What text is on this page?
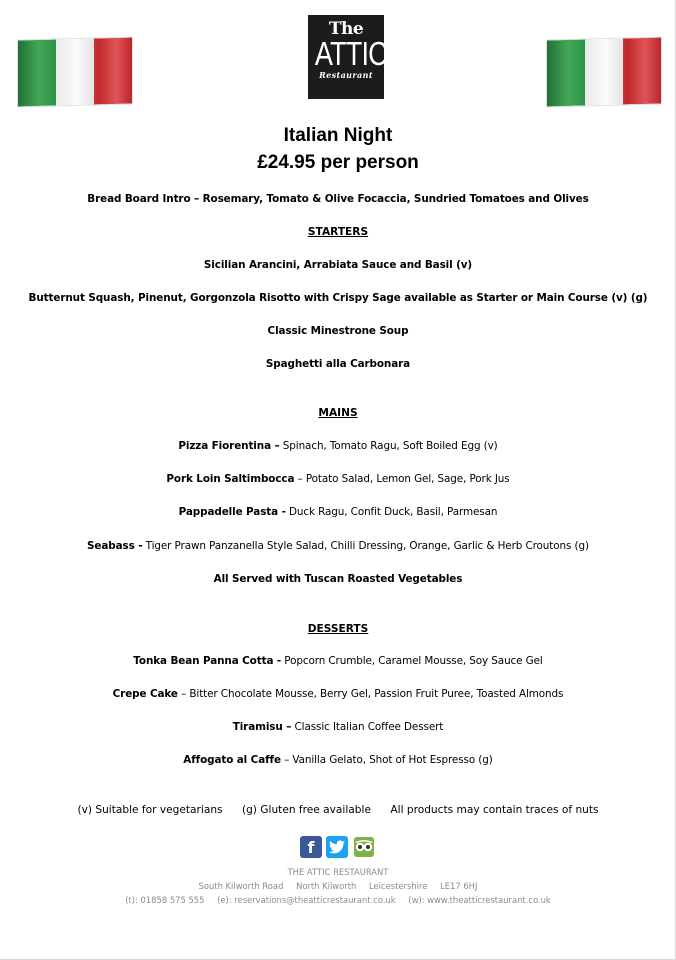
The
ATTIC
Restaurant
Italian Night
£24.95 per person
Bread Board Intro – Rosemary, Tomato & Olive Focaccia, Sundried Tomatoes and Olives
STARTERS
Sicilian Arancini, Arrabiata Sauce and Basil (v)
Butternut Squash, Pinenut, Gorgonzola Risotto with Crispy Sage available as Starter or Main Course (v) (g)
Classic Minestrone Soup
Spaghetti alla Carbonara
MAINS
Pizza Fiorentina – Spinach, Tomato Ragu, Soft Boiled Egg (v)
Pork Loin Saltimbocca – Potato Salad, Lemon Gel, Sage, Pork Jus
Pappadelle Pasta - Duck Ragu, Confit Duck, Basil, Parmesan
Seabass - Tiger Prawn Panzanella Style Salad, Chilli Dressing, Orange, Garlic & Herb Croutons (g)
All Served with Tuscan Roasted Vegetables
DESSERTS
Tonka Bean Panna Cotta - Popcorn Crumble, Caramel Mousse, Soy Sauce Gel
Crepe Cake – Bitter Chocolate Mousse, Berry Gel, Passion Fruit Puree, Toasted Almonds
Tiramisu – Classic Italian Coffee Dessert
Affogato al Caffe – Vanilla Gelato, Shot of Hot Espresso (g)
(v) Suitable for vegetarians (g) Gluten free available All products may contain traces of nuts
f
THE ATTIC RESTAURANT
South Kilworth Road North Kilworth Leicestershire LE17 6HJ
(t): 01858 575 555 (e): reservations@theatticrestaurant.co.uk (w): www.theatticrestaurant.co.uk
